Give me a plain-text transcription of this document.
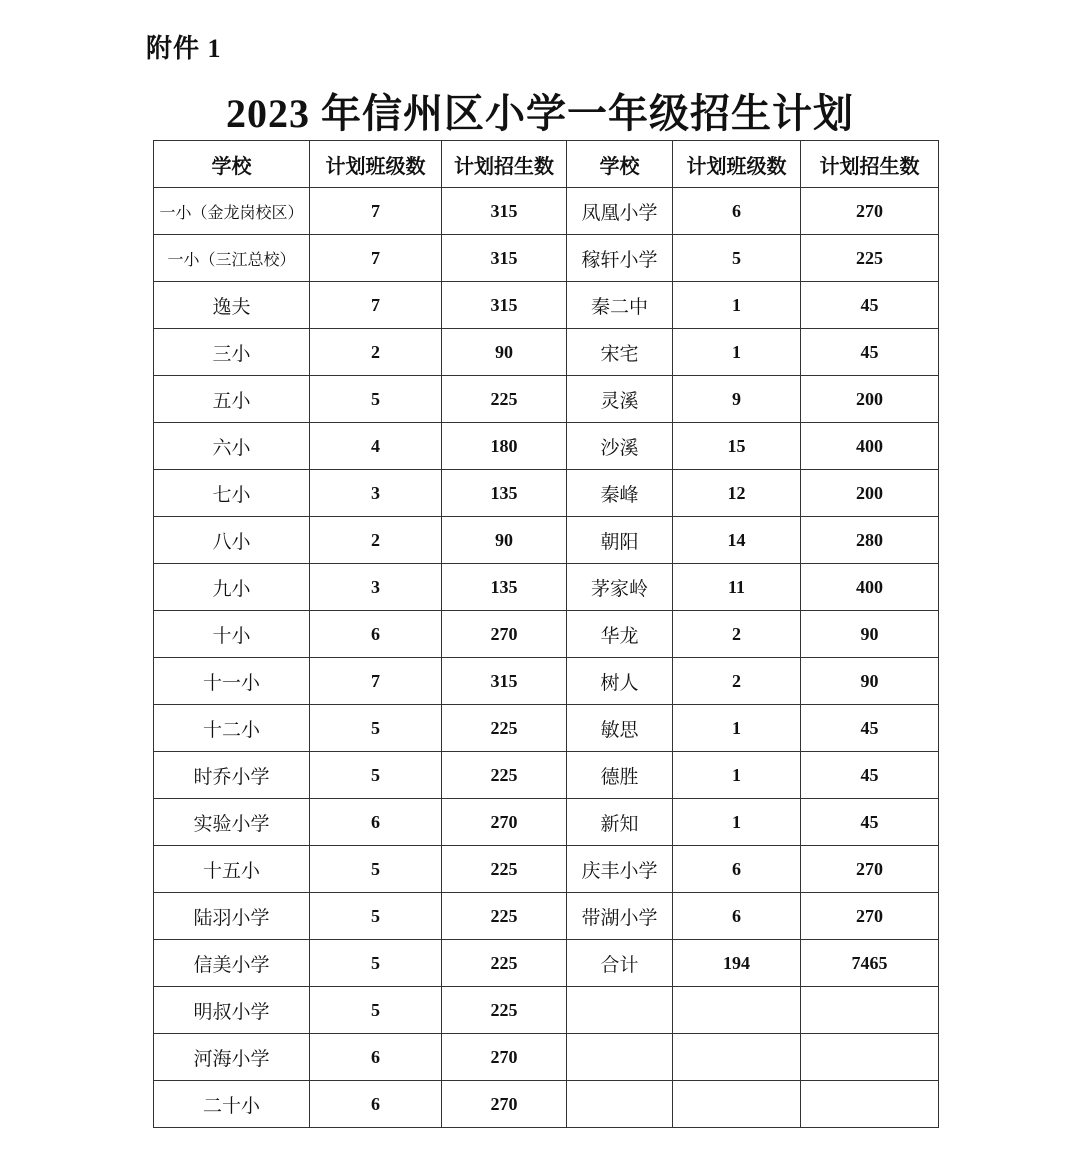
附件 1
2023 年信州区小学一年级招生计划
学校	计划班级数	计划招生数	学校	计划班级数	计划招生数
一小（金龙岗校区）	7	315	凤凰小学	6	270
一小（三江总校）	7	315	稼轩小学	5	225
逸夫	7	315	秦二中	1	45
三小	2	90	宋宅	1	45
五小	5	225	灵溪	9	200
六小	4	180	沙溪	15	400
七小	3	135	秦峰	12	200
八小	2	90	朝阳	14	280
九小	3	135	茅家岭	11	400
十小	6	270	华龙	2	90
十一小	7	315	树人	2	90
十二小	5	225	敏思	1	45
时乔小学	5	225	德胜	1	45
实验小学	6	270	新知	1	45
十五小	5	225	庆丰小学	6	270
陆羽小学	5	225	带湖小学	6	270
信美小学	5	225	合计	194	7465
明叔小学	5	225			
河海小学	6	270			
二十小	6	270			
